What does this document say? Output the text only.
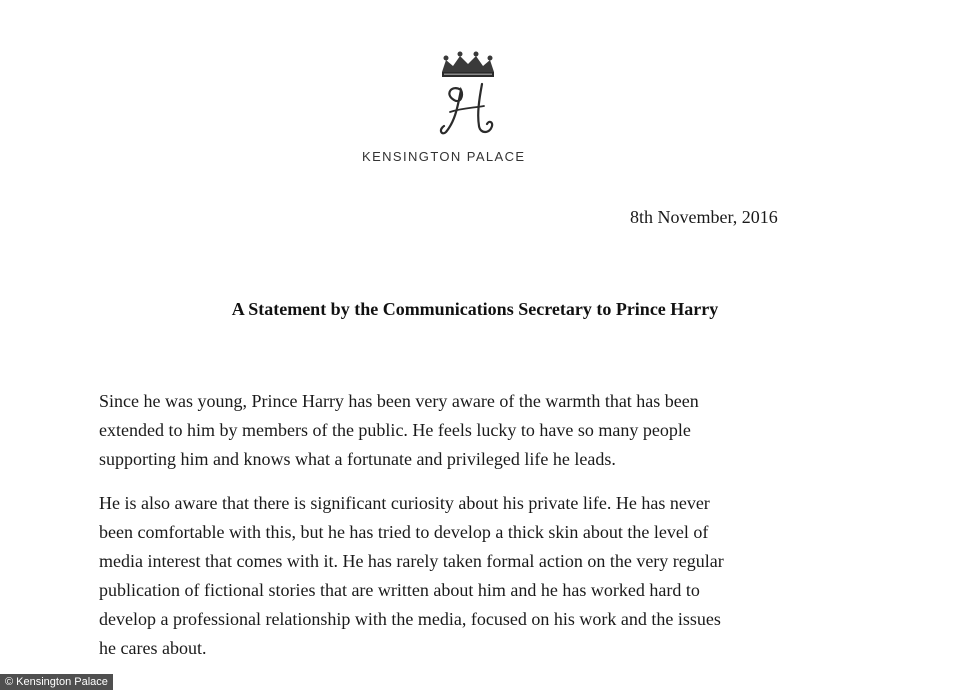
KENSINGTON PALACE
8th November, 2016
A Statement by the Communications Secretary to Prince Harry

Since he was young, Prince Harry has been very aware of the warmth that has been
extended to him by members of the public. He feels lucky to have so many people
supporting him and knows what a fortunate and privileged life he leads.

He is also aware that there is significant curiosity about his private life. He has never
been comfortable with this, but he has tried to develop a thick skin about the level of
media interest that comes with it. He has rarely taken formal action on the very regular
publication of fictional stories that are written about him and he has worked hard to
develop a professional relationship with the media, focused on his work and the issues
he cares about.

© Kensington Palace
